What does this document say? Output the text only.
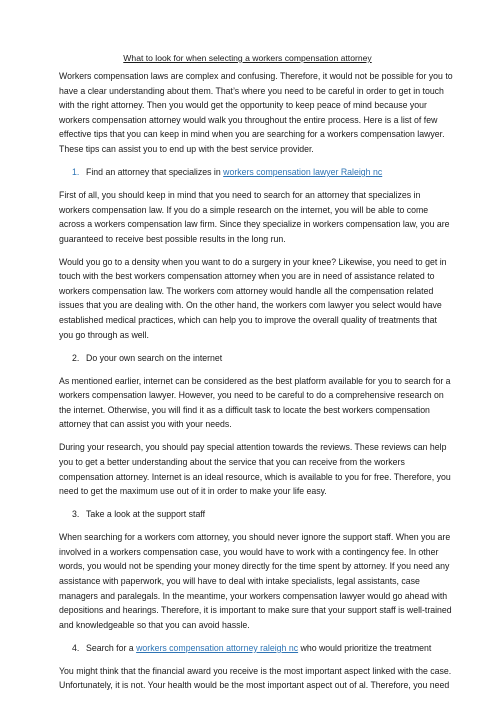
What to look for when selecting a workers compensation attorney

Workers compensation laws are complex and confusing. Therefore, it would not be possible for you to have a clear understanding about them. That’s where you need to be careful in order to get in touch with the right attorney. Then you would get the opportunity to keep peace of mind because your workers compensation attorney would walk you throughout the entire process. Here is a list of few effective tips that you can keep in mind when you are searching for a workers compensation lawyer. These tips can assist you to end up with the best service provider.

1. Find an attorney that specializes in workers compensation lawyer Raleigh nc

First of all, you should keep in mind that you need to search for an attorney that specializes in workers compensation law. If you do a simple research on the internet, you will be able to come across a workers compensation law firm. Since they specialize in workers compensation law, you are guaranteed to receive best possible results in the long run.

Would you go to a density when you want to do a surgery in your knee? Likewise, you need to get in touch with the best workers compensation attorney when you are in need of assistance related to workers compensation law. The workers com attorney would handle all the compensation related issues that you are dealing with. On the other hand, the workers com lawyer you select would have established medical practices, which can help you to improve the overall quality of treatments that you go through as well.

2. Do your own search on the internet

As mentioned earlier, internet can be considered as the best platform available for you to search for a workers compensation lawyer. However, you need to be careful to do a comprehensive research on the internet. Otherwise, you will find it as a difficult task to locate the best workers compensation attorney that can assist you with your needs.

During your research, you should pay special attention towards the reviews. These reviews can help you to get a better understanding about the service that you can receive from the workers compensation attorney. Internet is an ideal resource, which is available to you for free. Therefore, you need to get the maximum use out of it in order to make your life easy.

3. Take a look at the support staff

When searching for a workers com attorney, you should never ignore the support staff. When you are involved in a workers compensation case, you would have to work with a contingency fee. In other words, you would not be spending your money directly for the time spent by attorney. If you need any assistance with paperwork, you will have to deal with intake specialists, legal assistants, case managers and paralegals. In the meantime, your workers compensation lawyer would go ahead with depositions and hearings. Therefore, it is important to make sure that your support staff is well-trained and knowledgeable so that you can avoid hassle.

4. Search for a workers compensation attorney raleigh nc who would prioritize the treatment

You might think that the financial award you receive is the most important aspect linked with the case. Unfortunately, it is not. Your health would be the most important aspect out of al. Therefore, you need
